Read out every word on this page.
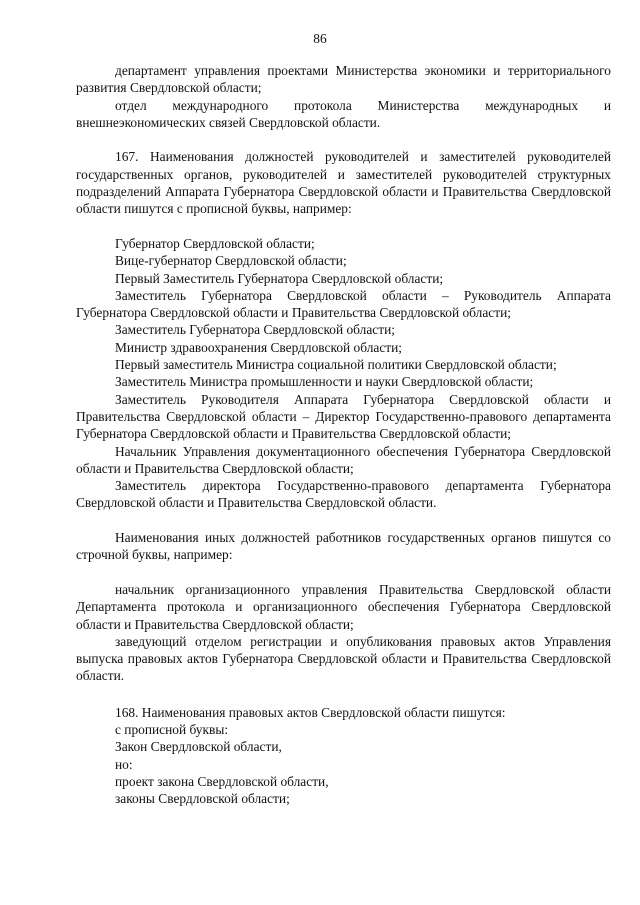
86

департамент управления проектами Министерства экономики и территориального развития Свердловской области;

отдел международного протокола Министерства международных и внешнеэкономических связей Свердловской области.

167. Наименования должностей руководителей и заместителей руководителей государственных органов, руководителей и заместителей руководителей структурных подразделений Аппарата Губернатора Свердловской области и Правительства Свердловской области пишутся с прописной буквы, например:

Губернатор Свердловской области;

Вице-губернатор Свердловской области;

Первый Заместитель Губернатора Свердловской области;

Заместитель Губернатора Свердловской области – Руководитель Аппарата Губернатора Свердловской области и Правительства Свердловской области;

Заместитель Губернатора Свердловской области;

Министр здравоохранения Свердловской области;

Первый заместитель Министра социальной политики Свердловской области;

Заместитель Министра промышленности и науки Свердловской области;

Заместитель Руководителя Аппарата Губернатора Свердловской области и Правительства Свердловской области – Директор Государственно-правового департамента Губернатора Свердловской области и Правительства Свердловской области;

Начальник Управления документационного обеспечения Губернатора Свердловской области и Правительства Свердловской области;

Заместитель директора Государственно-правового департамента Губернатора Свердловской области и Правительства Свердловской области.

Наименования иных должностей работников государственных органов пишутся со строчной буквы, например:

начальник организационного управления Правительства Свердловской области Департамента протокола и организационного обеспечения Губернатора Свердловской области и Правительства Свердловской области;

заведующий отделом регистрации и опубликования правовых актов Управления выпуска правовых актов Губернатора Свердловской области и Правительства Свердловской области.

168. Наименования правовых актов Свердловской области пишутся:

с прописной буквы:

Закон Свердловской области,

но:

проект закона Свердловской области,

законы Свердловской области;
